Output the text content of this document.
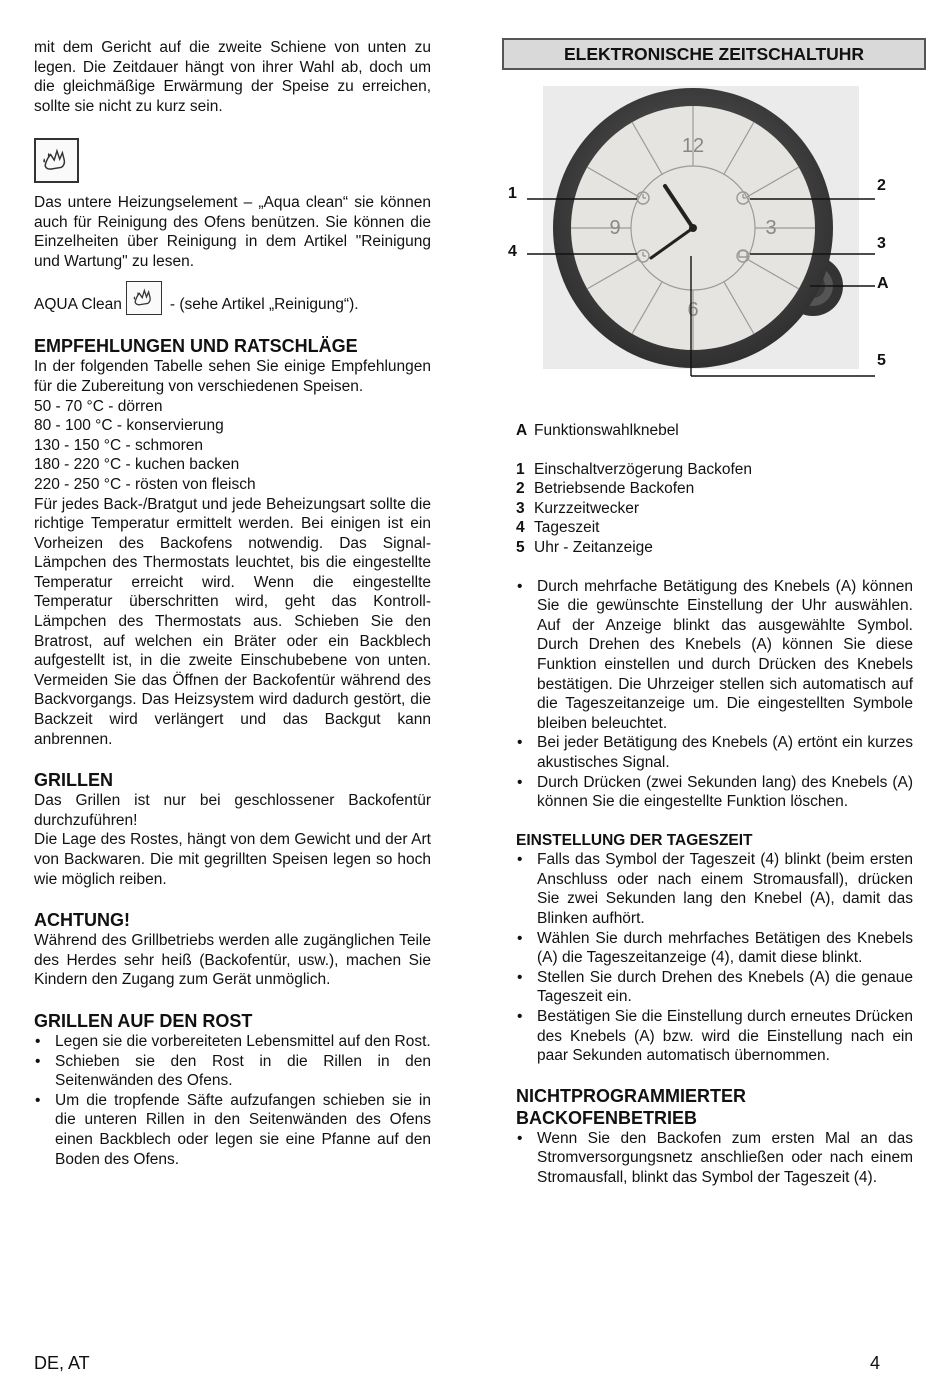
mit dem Gericht auf die zweite Schiene von unten zu legen. Die Zeitdauer hängt von ihrer Wahl ab, doch um die gleichmäßige Erwärmung der Speise zu erreichen, sollte sie nicht zu kurz sein.

Das untere Heizungselement – „Aqua clean“ sie können auch für Reinigung des Ofens benützen. Sie können die Einzelheiten über Reinigung in dem Artikel "Reinigung und Wartung" zu lesen.

AQUA Clean	- (sehe Artikel „Reinigung“).

EMPFEHLUNGEN UND RATSCHLÄGE

In der folgenden Tabelle sehen Sie einige Empfehlungen für die Zubereitung von verschiedenen Speisen.

50 - 70 °C - dörren
80 - 100 °C - konservierung
130 - 150 °C - schmoren
180 - 220 °C - kuchen backen
220 - 250 °C - rösten von fleisch

Für jedes Back-/Bratgut und jede Beheizungsart sollte die richtige Temperatur ermittelt werden. Bei einigen ist ein Vorheizen des Backofens notwendig. Das Signal-Lämpchen des Thermostats leuchtet, bis die eingestellte Temperatur erreicht wird. Wenn die eingestellte Temperatur überschritten wird, geht das Kontroll-Lämpchen des Thermostats aus. Schieben Sie den Bratrost, auf welchen ein Bräter oder ein Backblech aufgestellt ist, in die zweite Einschubebene von unten. Vermeiden Sie das Öffnen der Backofentür während des Backvorgangs. Das Heizsystem wird dadurch gestört, die Backzeit wird verlängert und das Backgut kann anbrennen.

GRILLEN

Das Grillen ist nur bei geschlossener Backofentür durchzuführen!

Die Lage des Rostes, hängt von dem Gewicht und der Art von Backwaren. Die mit gegrillten Speisen legen so hoch wie möglich reiben.

ACHTUNG!

Während des Grillbetriebs werden alle zugänglichen Teile des Herdes sehr heiß (Backofentür, usw.), machen Sie Kindern den Zugang zum Gerät unmöglich.

GRILLEN AUF DEN ROST
• Legen sie die vorbereiteten Lebensmittel auf den Rost.
• Schieben sie den Rost in die Rillen in den Seitenwänden des Ofens.
• Um die tropfende Säfte aufzufangen schieben sie in die unteren Rillen in den Seitenwänden des Ofens einen Backblech oder legen sie eine Pfanne auf den Boden des Ofens.
ELEKTRONISCHE ZEITSCHALTUHR
12
3
6
9
1
4
2
3
A
5
A Funktionswahlknebel
1 Einschaltverzögerung Backofen
2 Betriebsende Backofen
3 Kurzzeitwecker
4 Tageszeit
5 Uhr - Zeitanzeige
• Durch mehrfache Betätigung des Knebels (A) können Sie die gewünschte Einstellung der Uhr auswählen. Auf der Anzeige blinkt das ausgewählte Symbol. Durch Drehen des Knebels (A) können Sie diese Funktion einstellen und durch Drücken des Knebels bestätigen. Die Uhrzeiger stellen sich automatisch auf die Tageszeitanzeige um. Die eingestellten Symbole bleiben beleuchtet.
• Bei jeder Betätigung des Knebels (A) ertönt ein kurzes akustisches Signal.
• Durch Drücken (zwei Sekunden lang) des Knebels (A) können Sie die eingestellte Funktion löschen.
EINSTELLUNG DER TAGESZEIT
• Falls das Symbol der Tageszeit (4) blinkt (beim ersten Anschluss oder nach einem Stromausfall), drücken Sie zwei Sekunden lang den Knebel (A), damit das Blinken aufhört.
• Wählen Sie durch mehrfaches Betätigen des Knebels (A) die Tageszeitanzeige (4), damit diese blinkt.
• Stellen Sie durch Drehen des Knebels (A) die genaue Tageszeit ein.
• Bestätigen Sie die Einstellung durch erneutes Drücken des Knebels (A) bzw. wird die Einstellung nach ein paar Sekunden automatisch übernommen.
NICHTPROGRAMMIERTER
BACKOFENBETRIEB
• Wenn Sie den Backofen zum ersten Mal an das Stromversorgungsnetz anschließen oder nach einem Stromausfall, blinkt das Symbol der Tageszeit (4).
DE, AT	4
